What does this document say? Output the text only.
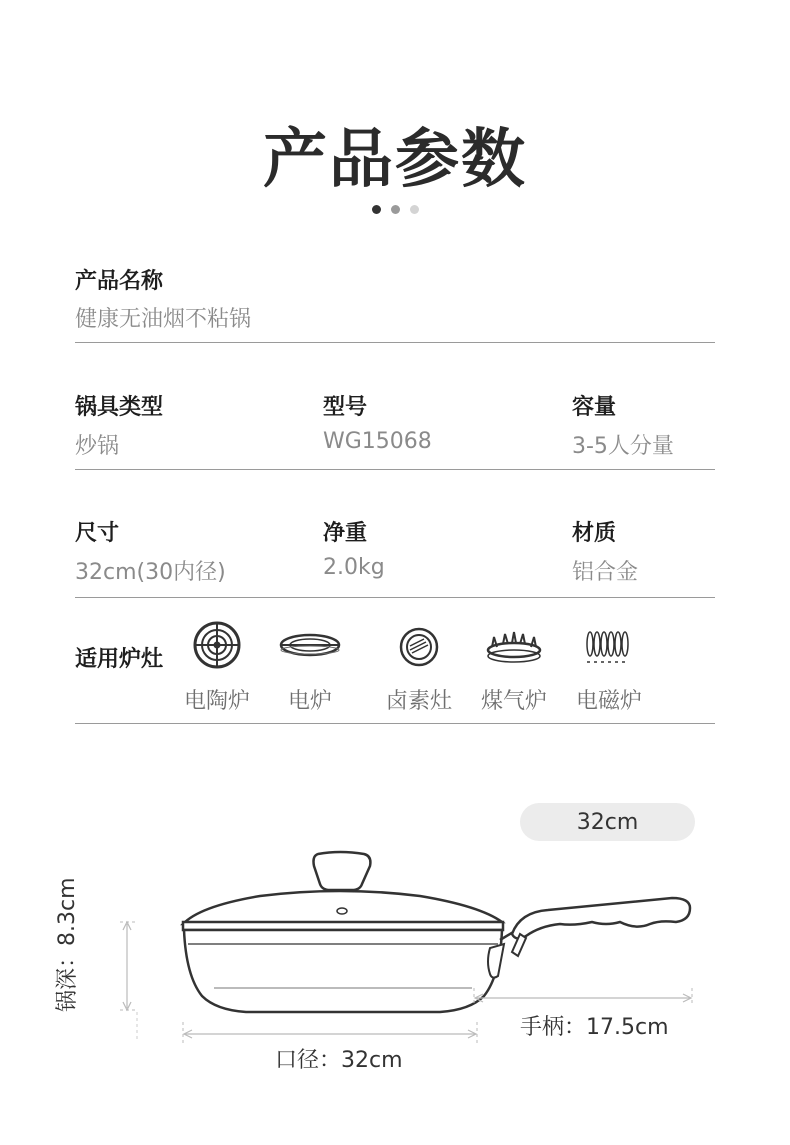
产品参数
产品名称
健康无油烟不粘锅
锅具类型
炒锅
型号
WG15068
容量
3-5人分量
尺寸
32cm(30内径)
净重
2.0kg
材质
铝合金
适用炉灶
电陶炉	电炉	卤素灶	煤气炉	电磁炉
32cm
锅深：8.3cm
手柄：17.5cm
口径：32cm
